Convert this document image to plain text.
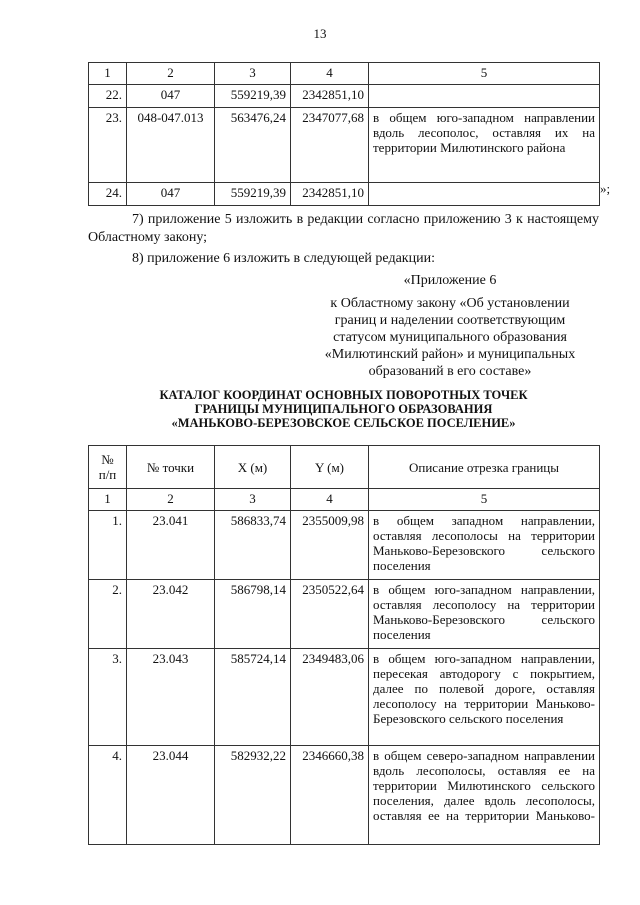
13
1	2	3	4	5
22.	047	559219,39	2342851,10	
23.	048-047.013	563476,24	2347077,68	в общем юго-западном направлении вдоль лесополос, оставляя их на территории Милютинского района
24.	047	559219,39	2342851,10		»;
7) приложение 5 изложить в редакции согласно приложению 3 к настоящему Областному закону;
8) приложение 6 изложить в следующей редакции:
«Приложение 6
к Областному закону «Об установлении
границ и наделении соответствующим
статусом муниципального образования
«Милютинский район» и муниципальных
образований в его составе»
КАТАЛОГ КООРДИНАТ ОСНОВНЫХ ПОВОРОТНЫХ ТОЧЕК
ГРАНИЦЫ МУНИЦИПАЛЬНОГО ОБРАЗОВАНИЯ
«МАНЬКОВО-БЕРЕЗОВСКОЕ СЕЛЬСКОЕ ПОСЕЛЕНИЕ»
№
п/п	№ точки	X (м)	Y (м)	Описание отрезка границы
1	2	3	4	5
1.	23.041	586833,74	2355009,98	в общем западном направлении, оставляя лесополосы на территории Маньково-Березовского сельского поселения
2.	23.042	586798,14	2350522,64	в общем юго-западном направлении, оставляя лесополосу на территории Маньково-Березовского сельского поселения
3.	23.043	585724,14	2349483,06	в общем юго-западном направлении, пересекая автодорогу с покрытием, далее по полевой дороге, оставляя лесополосу на территории Маньково-Березовского сельского поселения
4.	23.044	582932,22	2346660,38	в общем северо-западном направлении вдоль лесополосы, оставляя ее на территории Милютинского сельского поселения, далее вдоль лесополосы, оставляя ее на территории Маньково-
